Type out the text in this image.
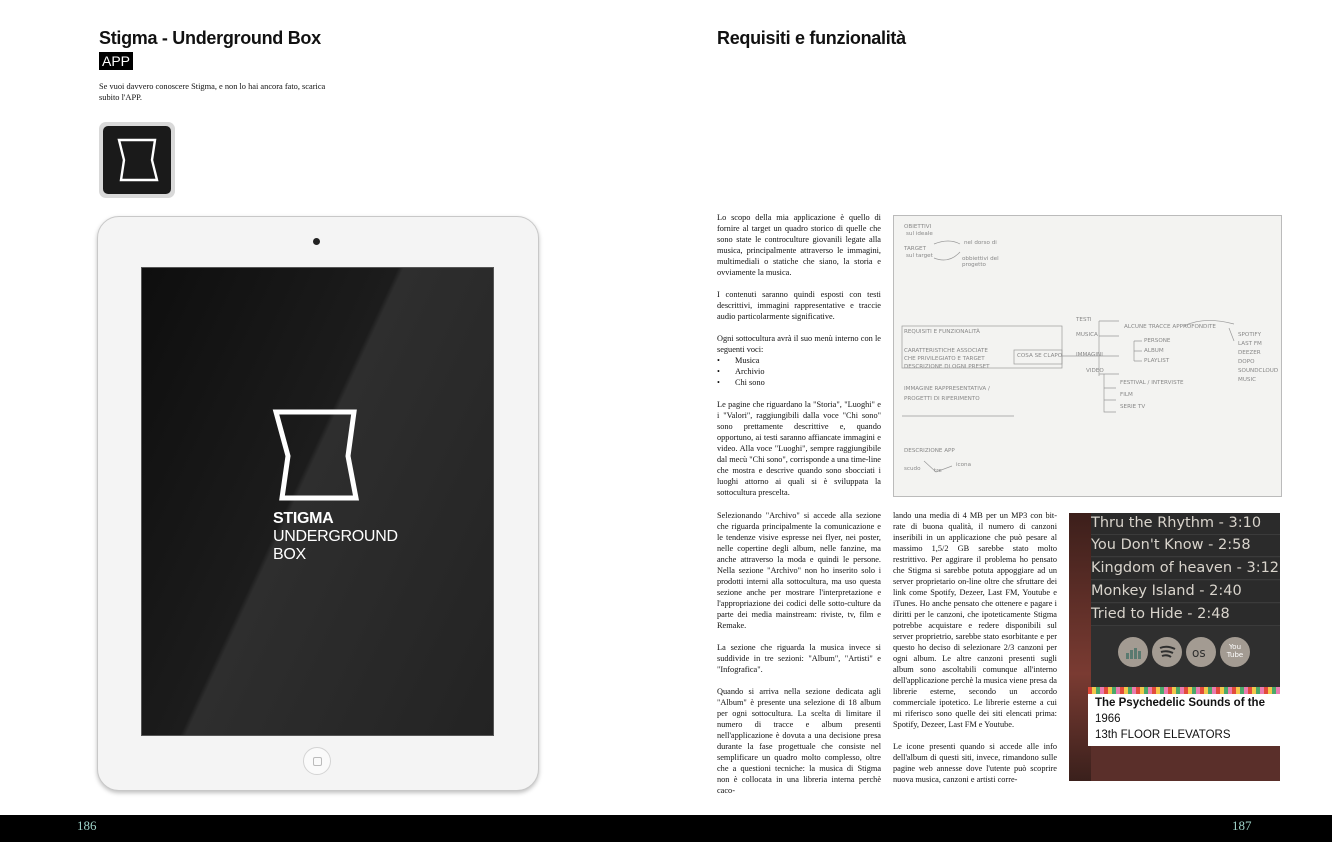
Stigma - Underground Box
APP
Se vuoi davvero conoscere Stigma, e non lo hai ancora fato, scarica subito l'APP.
STIGMA
UNDERGROUND
BOX
Requisiti e funzionalità

Lo scopo della mia applicazione è quello di fornire al target un quadro storico di quelle che sono state le controculture giovanili legate alla musica, principalmente attraverso le immagini, multimediali o statiche che siano, la storia e ovviamente la musica.

I contenuti saranno quindi esposti con testi descrittivi, immagini rappresentative e traccie audio particolarmente significative.

Ogni sottocultura avrà il suo menù interno con le seguenti voci:

• Musica
• Archivio
• Chi sono

Le pagine che riguardano la "Storia", "Luoghi" e i "Valori", raggiungibili dalla voce "Chi sono" sono prettamente descrittive e, quando opportuno, ai testi saranno affiancate immagini e video. Alla voce "Luoghi", sempre raggiungibile dal mecù "Chi sono", corrisponde a una time-line che mostra e descrive quando sono sbocciati i luoghi attorno ai quali si è sviluppata la sottocultura prescelta.

Selezionando "Archivo" si accede alla sezione che riguarda principalmente la comunicazione e le tendenze visive espresse nei flyer, nei poster, nelle copertine degli album, nelle fanzine, ma anche attraverso la moda e quindi le persone. Nella sezione "Archivo" non ho inserito solo i prodotti interni alla sottocultura, ma uso questa sezione anche per mostrare l'interpretazione e l'appropriazione dei codici delle sotto-culture da parte dei media mainstream: riviste, tv, film e Remake.

La sezione che riguarda la musica invece si suddivide in tre sezioni: "Album", "Artisti" e "Infografica".

Quando si arriva nella sezione dedicata agli "Album" è presente una selezione di 18 album per ogni sottocultura. La scelta di limitare il numero di tracce e album presenti nell'applicazione è dovuta a una decisione presa durante la fase progettuale che consiste nel semplificare un quadro molto complesso, oltre che a questioni tecniche: la musica di Stigma non è collocata in una libreria interna perchè caco-

lando una media di 4 MB per un MP3 con bit-rate di buona qualità, il numero di canzoni inseribili in un applicazione che può pesare al massimo 1,5/2 GB sarebbe stato molto restrittivo. Per aggirare il problema ho pensato che Stigma si sarebbe potuta appoggiare ad un server proprietario on-line oltre che sfruttare dei link come Spotify, Dezeer, Last FM, Youtube e iTunes. Ho anche pensato che ottenere e pagare i diritti per le canzoni, che ipoteticamente Stigma potrebbe acquistare e redere disponibili sul server proprietrio, sarebbe stato esorbitante e per questo ho deciso di selezionare 2/3 canzoni per ogni album. Le altre canzoni presenti sugli album sono ascoltabili comunque all'interno dell'applicazione perchè la musica viene presa da librerie esterne, secondo un accordo commerciale ipotetico. Le librerie esterne a cui mi riferisco sono quelle dei siti elencati prima: Spotify, Dezeer, Last FM e Youtube.

Le icone presenti quando si accede alle info dell'album di questi siti, invece, rimandono sulle pagine web annesse dove l'utente può scoprire nuova musica, canzoni e artisti corre-

OBIETTIVI
sul ideale
TARGET
sul target
nel dorso di
obbiettivi del progetto
REQUISITI E FUNZIONALITÀ
CARATTERISTICHE ASSOCIATE
CHE PRIVILEGIATO E TARGET
DESCRIZIONE DI OGNI PRESET
COSA SE CLAPO
TESTI
MUSICA
IMMAGINI
VIDEO
ALCUNE TRACCE APPROFONDITE
PERSONE
ALBUM
PLAYLIST
SPOTIFY
LAST FM
DEEZER
DOPO
SOUNDCLOUD
MUSIC
FESTIVAL / INTERVISTE
FILM
SERIE TV
IMMAGINE RAPPRESENTATIVA /
PROGETTI DI RIFERIMENTO
DESCRIZIONE APP
scudo tre
icona
Thru the Rhythm - 3:10
You Don't Know - 2:58
Kingdom of heaven - 3:12
Monkey Island - 2:40
Tried to Hide - 2:48
os	You
Tube
The Psychedelic Sounds of the
1966
13th FLOOR ELEVATORS
186	187
